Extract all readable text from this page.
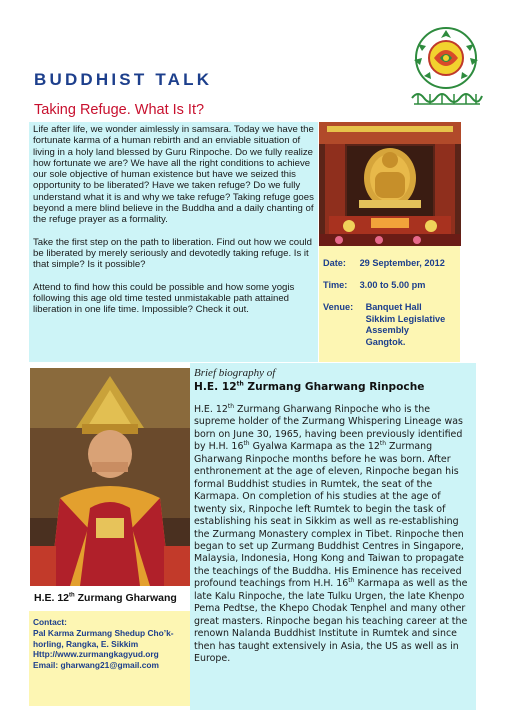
BUDDHIST TALK
Taking Refuge. What Is It?

Life after life, we wonder aimlessly in samsara. Today we have the fortunate karma of a human rebirth and an enviable situation of living in a holy land blessed by Guru Rinpoche. Do we fully realize how fortunate we are? We have all the right conditions to achieve our sole objective of human existence but have we seized this opportunity to be liberated? Have we taken refuge? Do we fully understand what it is and why we take refuge? Taking refuge goes beyond a mere blind believe in the Buddha and a daily chanting of the refuge prayer as a formality.

Take the first step on the path to liberation. Find out how we could be liberated by merely seriously and devotedly taking refuge. Is it that simple? Is it possible?

Attend to find how this could be possible and how some yogis following this age old time tested unmistakable path attained liberation in one life time. Impossible? Check it out.

Date: 29 September, 2012
Time: 3.00 to 5.00 pm
Venue: Banquet Hall
Sikkim Legislative
Assembly
Gangtok.
H.E. 12th Zurmang Gharwang
Contact:
Pal Karma Zurmang Shedup Cho’k-
horling, Rangka, E. Sikkim
Http://www.zurmangkagyud.org
Email: gharwang21@gmail.com
Brief biography of
H.E. 12th Zurmang Gharwang Rinpoche
H.E. 12th Zurmang Gharwang Rinpoche who is the supreme holder of the Zurmang Whispering Lineage was born on June 30, 1965, having been previously identified by H.H. 16th Gyalwa Karmapa as the 12th Zurmang Gharwang Rinpoche months before he was born. After enthronement at the age of eleven, Rinpoche began his formal Buddhist studies in Rumtek, the seat of the Karmapa. On completion of his studies at the age of twenty six, Rinpoche left Rumtek to begin the task of establishing his seat in Sikkim as well as re-establishing the Zurmang Monastery complex in Tibet. Rinpoche then began to set up Zurmang Buddhist Centres in Singapore, Malaysia, Indonesia, Hong Kong and Taiwan to propagate the teachings of the Buddha. His Eminence has received profound teachings from H.H. 16th Karmapa as well as the late Kalu Rinpoche, the late Tulku Urgen, the late Khenpo Pema Pedtse, the Khepo Chodak Tenphel and many other great masters. Rinpoche began his teaching career at the renown Nalanda Buddhist Institute in Rumtek and since then has taught extensively in Asia, the US as well as in Europe.
